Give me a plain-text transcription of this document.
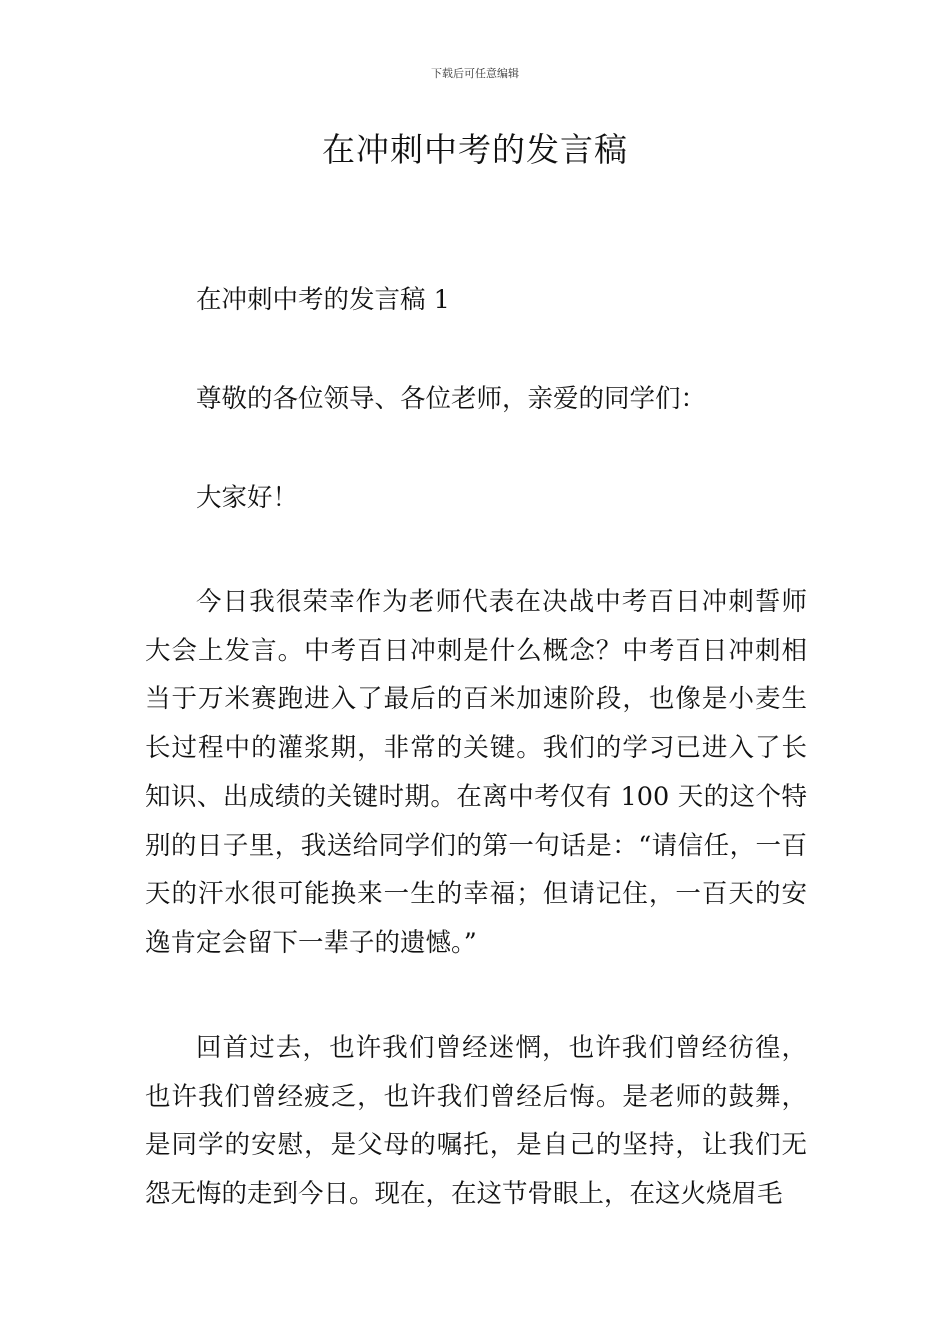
下载后可任意编辑
在冲刺中考的发言稿
在冲刺中考的发言稿 1
尊敬的各位领导、各位老师，亲爱的同学们：
大家好！

今日我很荣幸作为老师代表在决战中考百日冲刺誓师大会上发言。中考百日冲刺是什么概念？中考百日冲刺相当于万米赛跑进入了最后的百米加速阶段，也像是小麦生长过程中的灌浆期，非常的关键。我们的学习已进入了长知识、出成绩的关键时期。在离中考仅有 100 天的这个特别的日子里，我送给同学们的第一句话是：“请信任，一百天的汗水很可能换来一生的幸福；但请记住，一百天的安逸肯定会留下一辈子的遗憾。”

回首过去，也许我们曾经迷惘，也许我们曾经彷徨，也许我们曾经疲乏，也许我们曾经后悔。是老师的鼓舞，是同学的安慰，是父母的嘱托，是自己的坚持，让我们无怨无悔的走到今日。现在，在这节骨眼上，在这火烧眉毛
